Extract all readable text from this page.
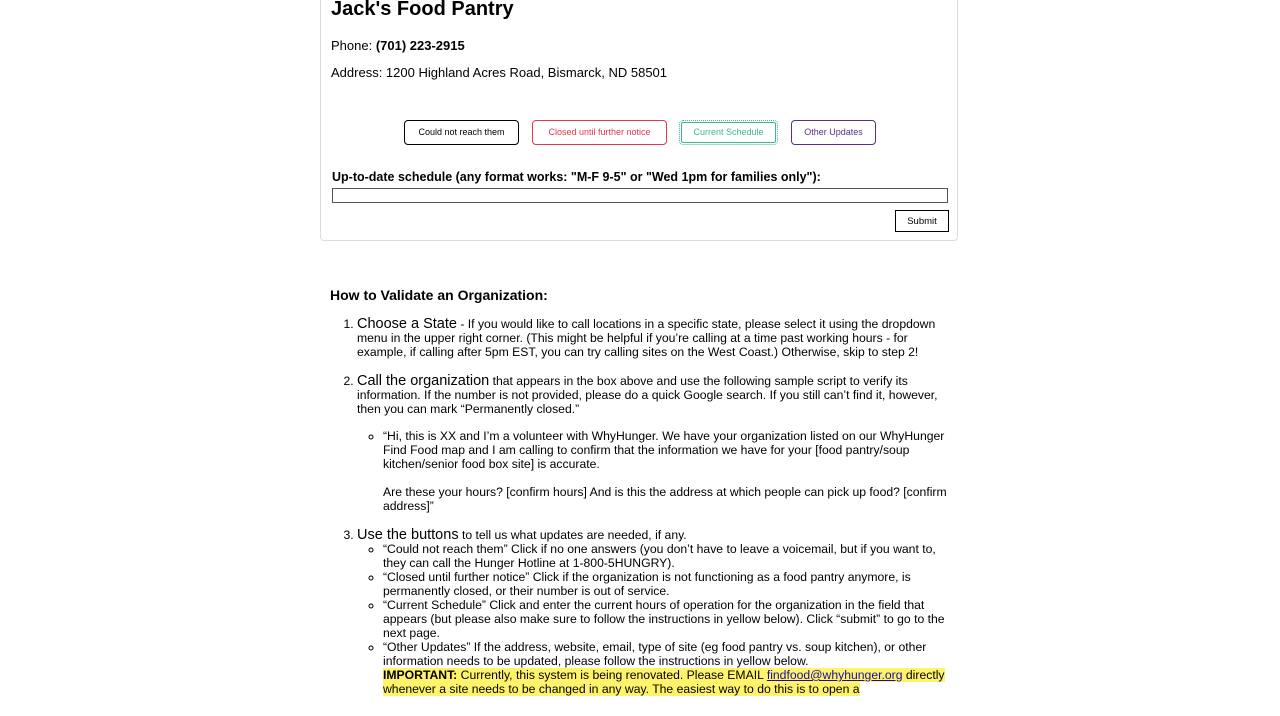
Jack's Food Pantry
Phone: (701) 223-2915
Address: 1200 Highland Acres Road, Bismarck, ND 58501
Could not reach them	Closed until further notice	Current Schedule	Other Updates
Up-to-date schedule (any format works: "M-F 9-5" or "Wed 1pm for families only"):
Submit
How to Validate an Organization:
1. Choose a State - If you would like to call locations in a specific state, please select it using the dropdown menu in the upper right corner. (This might be helpful if you’re calling at a time past working hours - for example, if calling after 5pm EST, you can try calling sites on the West Coast.) Otherwise, skip to step 2!
2. Call the organization that appears in the box above and use the following sample script to verify its information. If the number is not provided, please do a quick Google search. If you still can’t find it, however, then you can mark “Permanently closed.”
◦ “Hi, this is XX and I’m a volunteer with WhyHunger. We have your organization listed on our WhyHunger Find Food map and I am calling to confirm that the information we have for your [food pantry/soup kitchen/senior food box site] is accurate.
Are these your hours? [confirm hours] And is this the address at which people can pick up food? [confirm address]”
3. Use the buttons to tell us what updates are needed, if any.
◦ “Could not reach them” Click if no one answers (you don’t have to leave a voicemail, but if you want to, they can call the Hunger Hotline at 1-800-5HUNGRY).
◦ “Closed until further notice” Click if the organization is not functioning as a food pantry anymore, is permanently closed, or their number is out of service.
◦ “Current Schedule” Click and enter the current hours of operation for the organization in the field that appears (but please also make sure to follow the instructions in yellow below). Click “submit” to go to the next page.
◦ “Other Updates” If the address, website, email, type of site (eg food pantry vs. soup kitchen), or other information needs to be updated, please follow the instructions in yellow below.
IMPORTANT: Currently, this system is being renovated. Please EMAIL findfood@whyhunger.org directly whenever a site needs to be changed in any way. The easiest way to do this is to open a
